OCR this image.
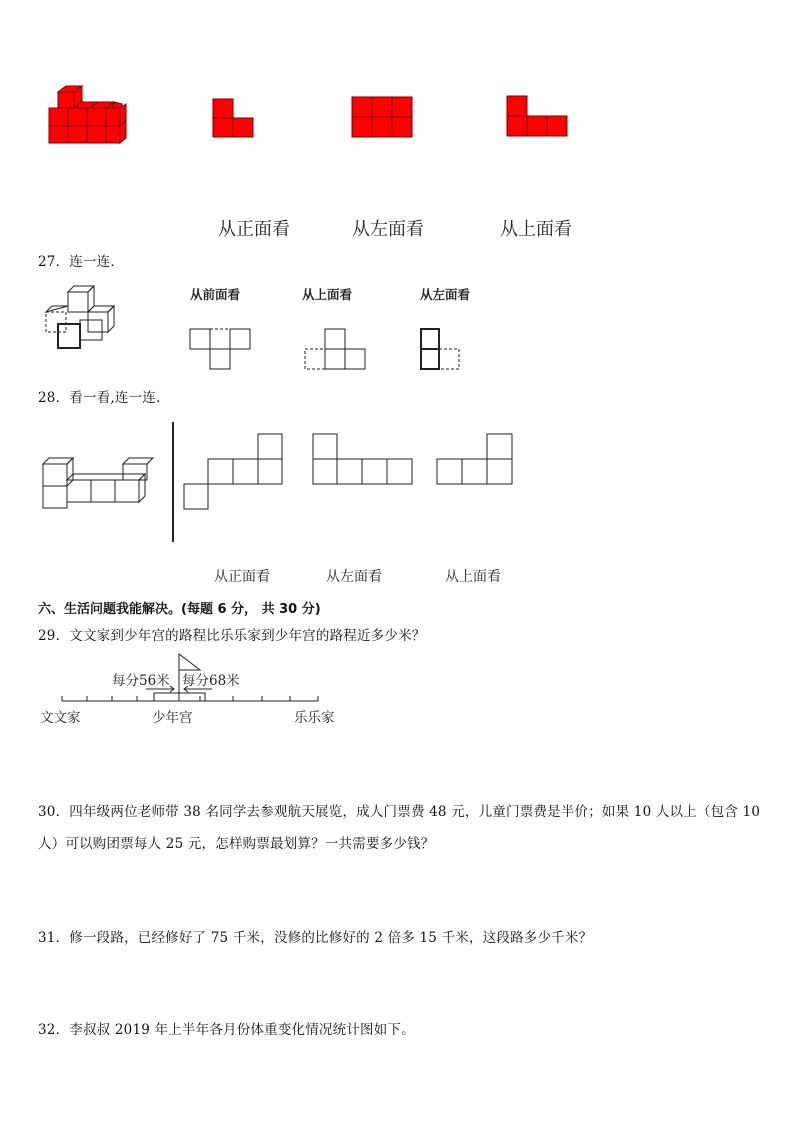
从正面看	从左面看	从上面看
27．连一连．
从前面看	从上面看	从左面看
28．看一看,连一连．
从正面看	从左面看	从上面看
六、生活问题我能解决。(每题 6 分， 共 30 分)
29．文文家到少年宫的路程比乐乐家到少年宫的路程近多少米？
每分56米 每分68米
文文家	少年宫	乐乐家
30．四年级两位老师带 38 名同学去参观航天展览，成人门票费 48 元，儿童门票费是半价；如果 10 人以上（包含 10
人）可以购团票每人 25 元，怎样购票最划算？一共需要多少钱？
31．修一段路，已经修好了 75 千米，没修的比修好的 2 倍多 15 千米，这段路多少千米？
32．李叔叔 2019 年上半年各月份体重变化情况统计图如下。
